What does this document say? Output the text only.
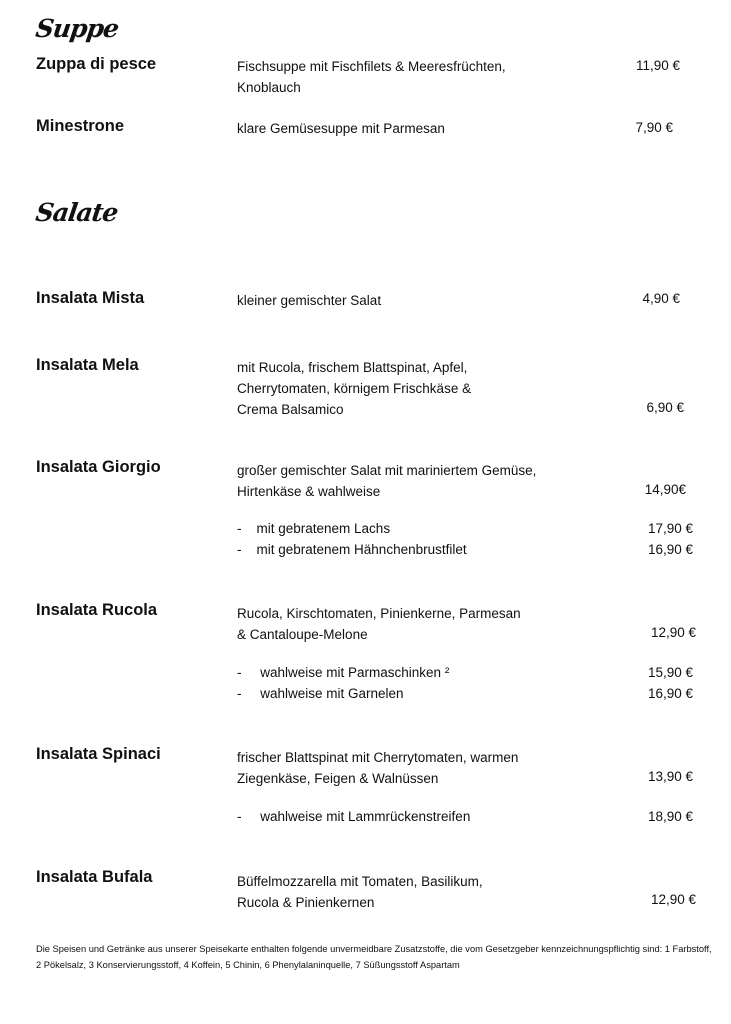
Suppe
Zuppa di pesce	Fischsuppe mit Fischfilets & Meeresfrüchten,
Knoblauch
11,90 €
Minestrone	klare Gemüsesuppe mit Parmesan	7,90 €
Salate
Insalata Mista	kleiner gemischter Salat	4,90 €
Insalata Mela	mit Rucola, frischem Blattspinat, Apfel,
Cherrytomaten, körnigem Frischkäse &
Crema Balsamico	6,90 €
Insalata Giorgio	großer gemischter Salat mit mariniertem Gemüse,
Hirtenkäse & wahlweise	14,90€
-    mit gebratenem Lachs	17,90 €
-    mit gebratenem Hähnchenbrustfilet	16,90 €
Insalata Rucola	Rucola, Kirschtomaten, Pinienkerne, Parmesan
& Cantaloupe-Melone	12,90 €
-     wahlweise mit Parmaschinken ²	15,90 €
-     wahlweise mit Garnelen	16,90 €
Insalata Spinaci	frischer Blattspinat mit Cherrytomaten, warmen
Ziegenkäse, Feigen & Walnüssen	13,90 €
-     wahlweise mit Lammrückenstreifen	18,90 €
Insalata Bufala	Büffelmozzarella mit Tomaten, Basilikum,
Rucola & Pinienkernen	12,90 €
Die Speisen und Getränke aus unserer Speisekarte enthalten folgende unvermeidbare Zusatzstoffe, die vom Gesetzgeber kennzeichnungspflichtig sind: 1 Farbstoff, 2 Pökelsalz, 3 Konservierungsstoff, 4 Koffein, 5 Chinin, 6 Phenylalaninquelle, 7 Süßungsstoff Aspartam
